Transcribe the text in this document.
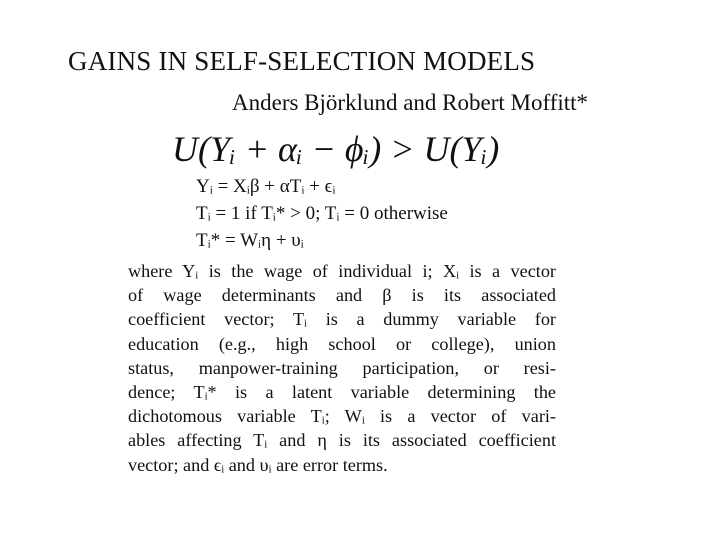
GAINS IN SELF-SELECTION MODELS
Anders Björklund and Robert Moffitt*
U(Yᵢ + αᵢ − ϕᵢ) > U(Yᵢ)
Yᵢ = Xᵢβ + αTᵢ + ϵᵢ
Tᵢ = 1 if Tᵢ* > 0; Tᵢ = 0 otherwise
Tᵢ* = Wᵢη + υᵢ
where Yᵢ is the wage of individual i; Xᵢ is a vector
of wage determinants and β is its associated
coefficient vector; Tᵢ is a dummy variable for
education (e.g., high school or college), union
status, manpower-training participation, or resi-
dence; Tᵢ* is a latent variable determining the
dichotomous variable Tᵢ; Wᵢ is a vector of vari-
ables affecting Tᵢ and η is its associated coefficient
vector; and ϵᵢ and υᵢ are error terms.
